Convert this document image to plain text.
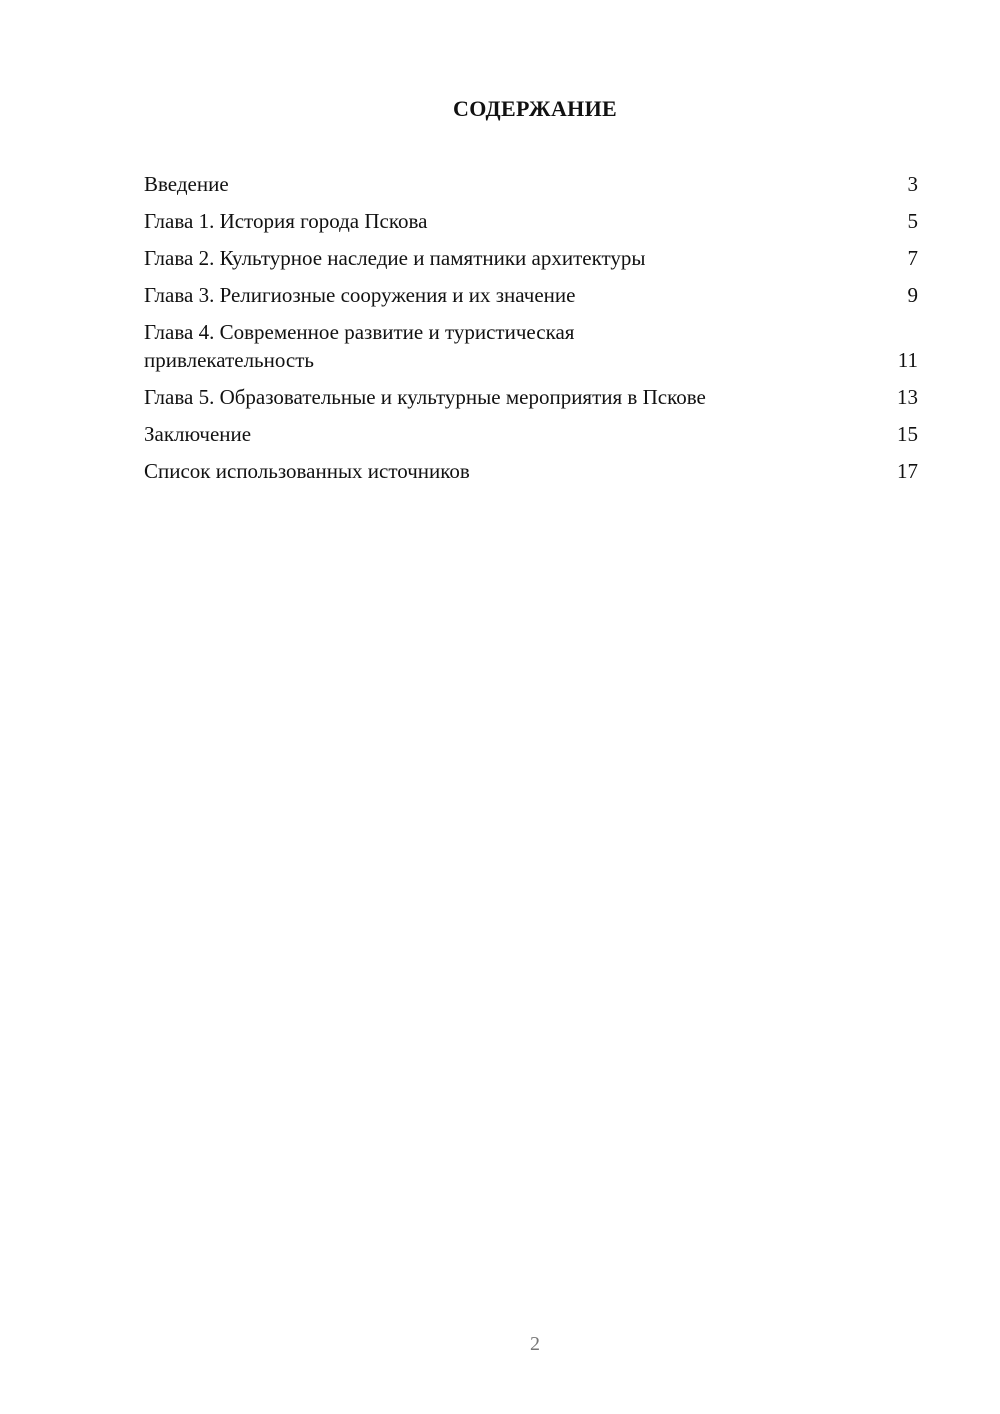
СОДЕРЖАНИЕ
Введение	3
Глава 1. История города Пскова	5
Глава 2. Культурное наследие и памятники архитектуры	7
Глава 3. Религиозные сооружения и их значение	9
Глава 4. Современное развитие и туристическая привлекательность	11
Глава 5. Образовательные и культурные мероприятия в Пскове	13
Заключение	15
Список использованных источников	17
2
